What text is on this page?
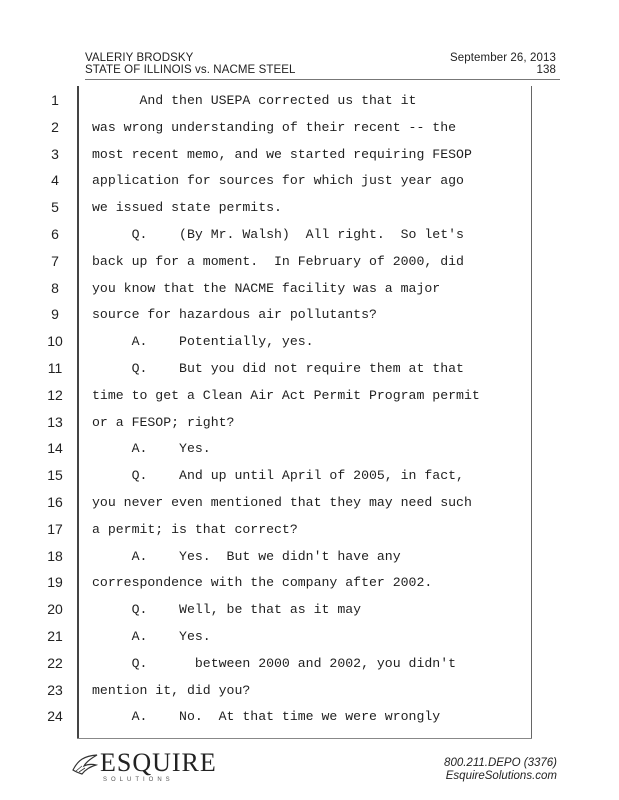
VALERIY BRODSKY
STATE OF ILLINOIS vs. NACME STEEL
September 26, 2013
138
1	And then USEPA corrected us that it
2	was wrong understanding of their recent -- the
3	most recent memo, and we started requiring FESOP
4	application for sources for which just year ago
5	we issued state permits.
6	Q.    (By Mr. Walsh)  All right.  So let's
7	back up for a moment.  In February of 2000, did
8	you know that the NACME facility was a major
9	source for hazardous air pollutants?
10	A.    Potentially, yes.
11	Q.    But you did not require them at that
12	time to get a Clean Air Act Permit Program permit
13	or a FESOP; right?
14	A.    Yes.
15	Q.    And up until April of 2005, in fact,
16	you never even mentioned that they may need such
17	a permit; is that correct?
18	A.    Yes.  But we didn't have any
19	correspondence with the company after 2002.
20	Q.    Well, be that as it may
21	A.    Yes.
22	Q.      between 2000 and 2002, you didn't
23	mention it, did you?
24	A.    No.  At that time we were wrongly
ESQUIRE
SOLUTIONS
800.211.DEPO (3376)
EsquireSolutions.com
